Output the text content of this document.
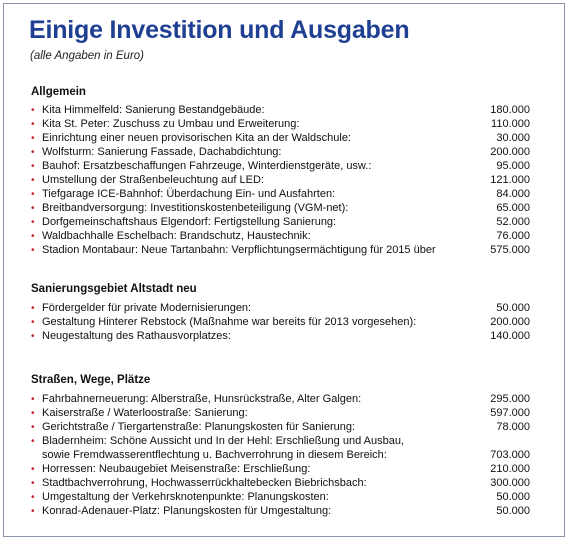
Einige Investition und Ausgaben
(alle Angaben in Euro)
Allgemein
• Kita Himmelfeld: Sanierung Bestandgebäude:	180.000
• Kita St. Peter: Zuschuss zu Umbau und Erweiterung:	110.000
• Einrichtung einer neuen provisorischen Kita an der Waldschule:	30.000
• Wolfsturm: Sanierung Fassade, Dachabdichtung:	200.000
• Bauhof: Ersatzbeschaffungen Fahrzeuge, Winterdienstgeräte, usw.:	95.000
• Umstellung der Straßenbeleuchtung auf LED:	121.000
• Tiefgarage ICE-Bahnhof: Überdachung Ein- und Ausfahrten:	84.000
• Breitbandversorgung: Investitionskostenbeteiligung (VGM-net):	65.000
• Dorfgemeinschaftshaus Elgendorf: Fertigstellung Sanierung:	52.000
• Waldbachhalle Eschelbach: Brandschutz, Haustechnik:	76.000
• Stadion Montabaur: Neue Tartanbahn: Verpflichtungsermächtigung für 2015 über	575.000
Sanierungsgebiet Altstadt neu
• Fördergelder für private Modernisierungen:	50.000
• Gestaltung Hinterer Rebstock (Maßnahme war bereits für 2013 vorgesehen):	200.000
• Neugestaltung des Rathausvorplatzes:	140.000
Straßen, Wege, Plätze
• Fahrbahnerneuerung: Alberstraße, Hunsrückstraße, Alter Galgen:	295.000
• Kaiserstraße / Waterloostraße: Sanierung:	597.000
• Gerichtstraße / Tiergartenstraße: Planungskosten für Sanierung:	78.000
• Bladernheim: Schöne Aussicht und In der Hehl: Erschließung und Ausbau,
sowie Fremdwasserentflechtung u. Bachverrohrung in diesem Bereich:	703.000
• Horressen: Neubaugebiet Meisenstraße: Erschließung:	210.000
• Stadtbachverrohrung, Hochwasserrückhaltebecken Biebrichsbach:	300.000
• Umgestaltung der Verkehrsknotenpunkte: Planungskosten:	50.000
• Konrad-Adenauer-Platz: Planungskosten für Umgestaltung:	50.000
